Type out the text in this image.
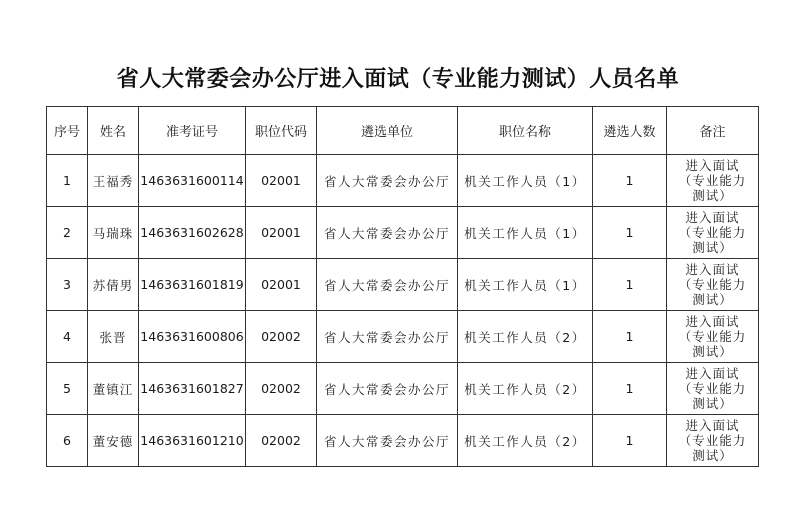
省人大常委会办公厅进入面试（专业能力测试）人员名单
序号	姓名	准考证号	职位代码	遴选单位	职位名称	遴选人数	备注
1	王福秀	1463631600114	02001	省人大常委会办公厅	机关工作人员（1）	1	进入面试
（专业能力
测试）

2	马瑞珠	1463631602628	02001	省人大常委会办公厅	机关工作人员（1）	1	进入面试
（专业能力
测试）

3	苏倩男	1463631601819	02001	省人大常委会办公厅	机关工作人员（1）	1	进入面试
（专业能力
测试）

4	张晋	1463631600806	02002	省人大常委会办公厅	机关工作人员（2）	1	进入面试
（专业能力
测试）

5	董镇江	1463631601827	02002	省人大常委会办公厅	机关工作人员（2）	1	进入面试
（专业能力
测试）

6	董安德	1463631601210	02002	省人大常委会办公厅	机关工作人员（2）	1	进入面试
（专业能力
测试）
